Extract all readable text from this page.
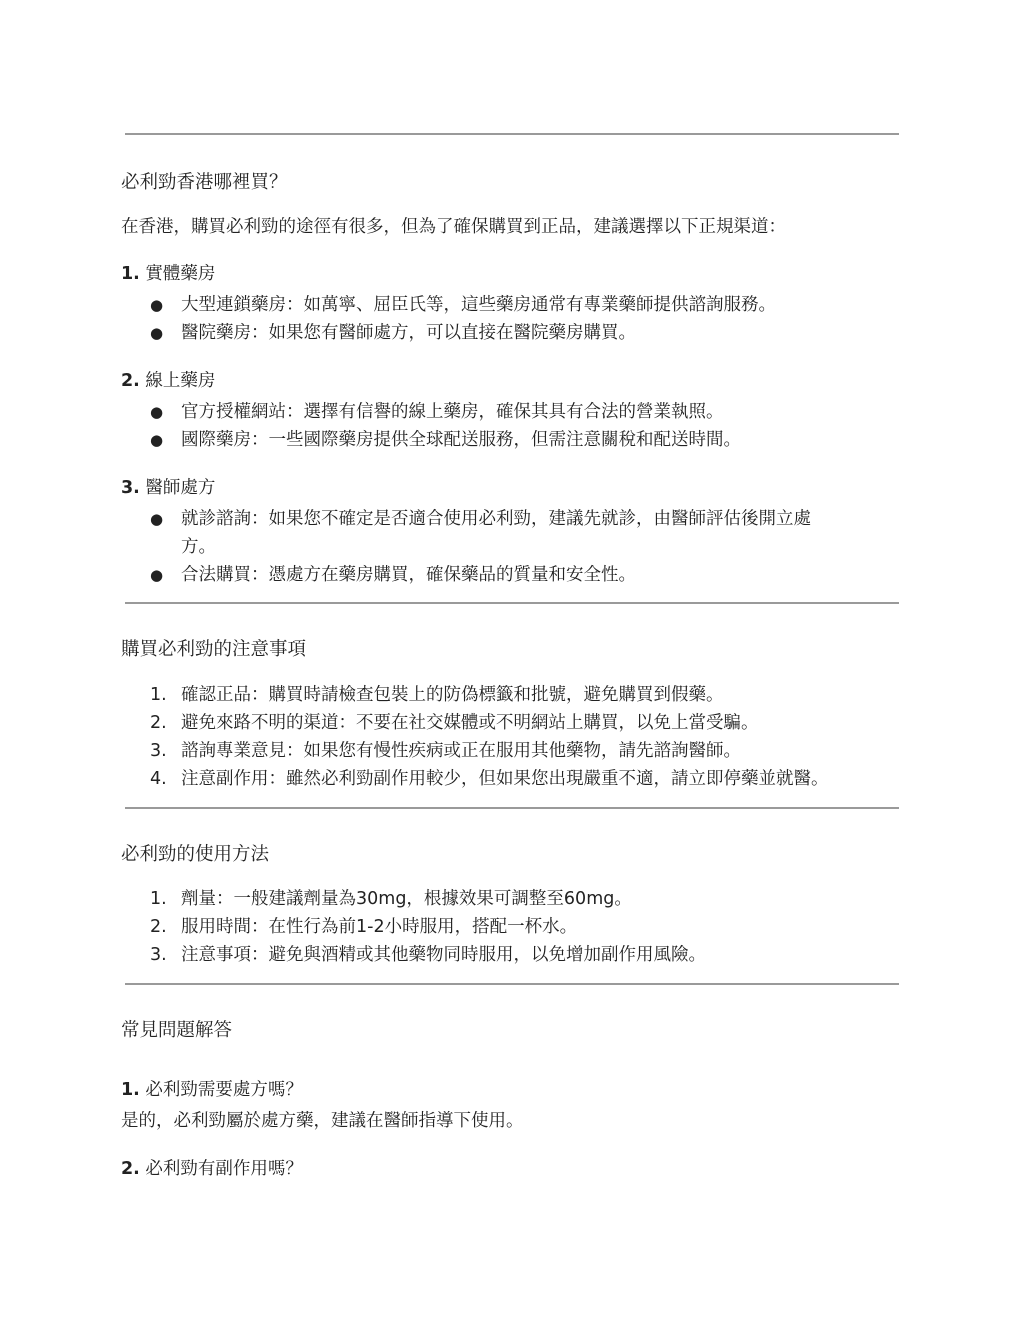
必利勁香港哪裡買？
在香港，購買必利勁的途徑有很多，但為了確保購買到正品，建議選擇以下正規渠道：
1. 實體藥房
●	大型連鎖藥房：如萬寧、屈臣氏等，這些藥房通常有專業藥師提供諮詢服務。
●	醫院藥房：如果您有醫師處方，可以直接在醫院藥房購買。
2. 線上藥房
●	官方授權網站：選擇有信譽的線上藥房，確保其具有合法的營業執照。
●	國際藥房：一些國際藥房提供全球配送服務，但需注意關稅和配送時間。
3. 醫師處方
●	就診諮詢：如果您不確定是否適合使用必利勁，建議先就診，由醫師評估後開立處
方。
●	合法購買：憑處方在藥房購買，確保藥品的質量和安全性。
購買必利勁的注意事項
1. 確認正品：購買時請檢查包裝上的防偽標籤和批號，避免購買到假藥。
2. 避免來路不明的渠道：不要在社交媒體或不明網站上購買，以免上當受騙。
3. 諮詢專業意見：如果您有慢性疾病或正在服用其他藥物，請先諮詢醫師。
4. 注意副作用：雖然必利勁副作用較少，但如果您出現嚴重不適，請立即停藥並就醫。
必利勁的使用方法
1. 劑量：一般建議劑量為30mg，根據效果可調整至60mg。
2. 服用時間：在性行為前1-2小時服用，搭配一杯水。
3. 注意事項：避免與酒精或其他藥物同時服用，以免增加副作用風險。
常見問題解答
1. 必利勁需要處方嗎？
是的，必利勁屬於處方藥，建議在醫師指導下使用。
2. 必利勁有副作用嗎？
